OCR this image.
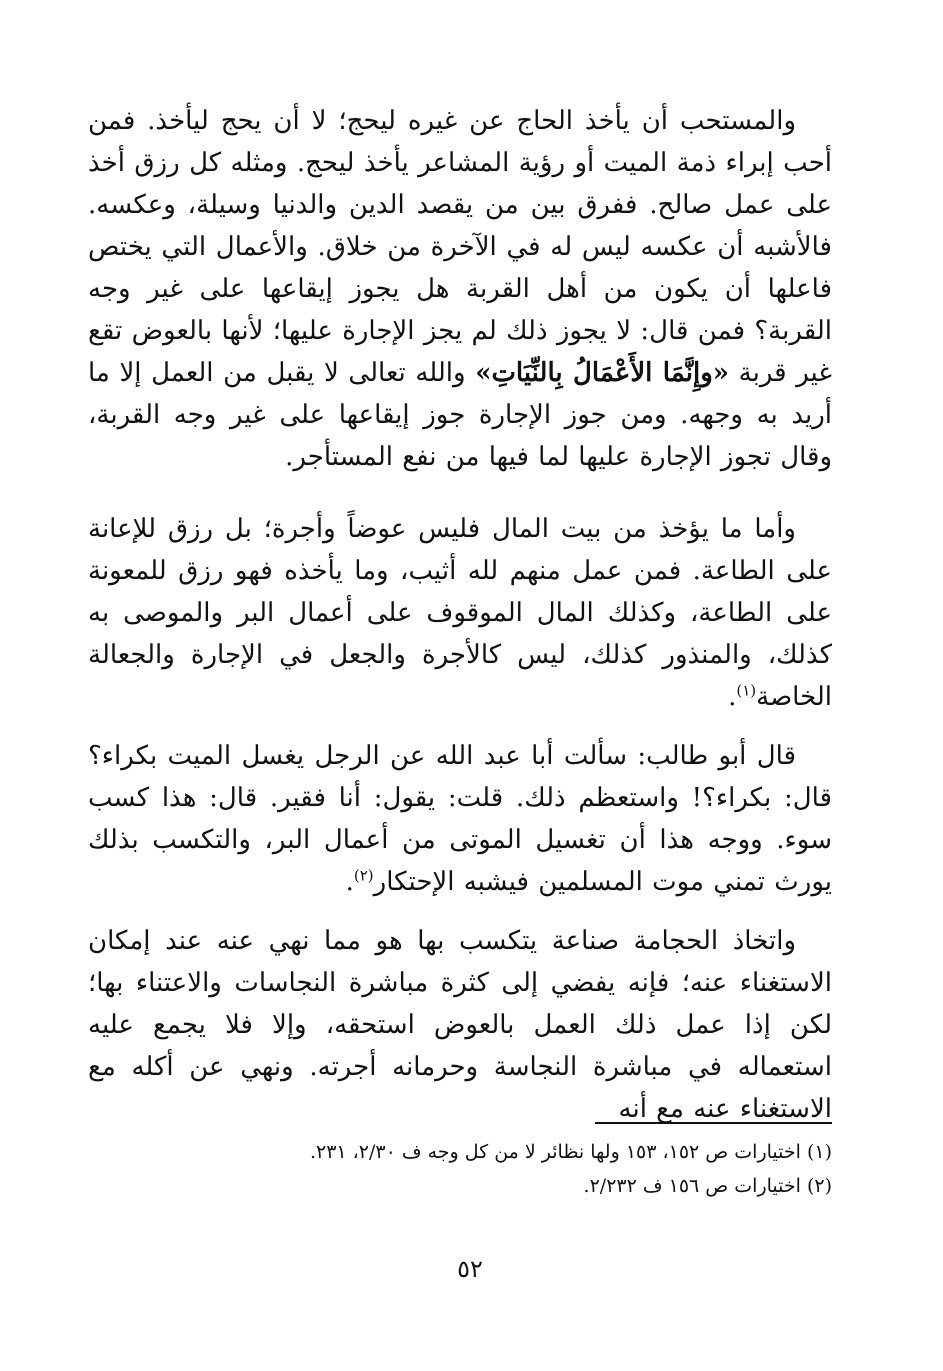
والمستحب أن يأخذ الحاج عن غيره ليحج؛ لا أن يحج ليأخذ. فمن أحب إبراء ذمة الميت أو رؤية المشاعر يأخذ ليحج. ومثله كل رزق أخذ على عمل صالح. ففرق بين من يقصد الدين والدنيا وسيلة، وعكسه. فالأشبه أن عكسه ليس له في الآخرة من خلاق. والأعمال التي يختص فاعلها أن يكون من أهل القربة هل يجوز إيقاعها على غير وجه القربة؟ فمن قال: لا يجوز ذلك لم يجز الإجارة عليها؛ لأنها بالعوض تقع غير قربة «وإِنَّمَا الأَعْمَالُ بِالنِّيَاتِ» والله تعالى لا يقبل من العمل إلا ما أريد به وجهه. ومن جوز الإجارة جوز إيقاعها على غير وجه القربة، وقال تجوز الإجارة عليها لما فيها من نفع المستأجر.

وأما ما يؤخذ من بيت المال فليس عوضاً وأجرة؛ بل رزق للإعانة على الطاعة. فمن عمل منهم لله أثيب، وما يأخذه فهو رزق للمعونة على الطاعة، وكذلك المال الموقوف على أعمال البر والموصى به كذلك، والمنذور كذلك، ليس كالأجرة والجعل في الإجارة والجعالة الخاصة$^{(١)}$.

قال أبو طالب: سألت أبا عبد الله عن الرجل يغسل الميت بكراء؟ قال: بكراء؟! واستعظم ذلك. قلت: يقول: أنا فقير. قال: هذا كسب سوء. ووجه هذا أن تغسيل الموتى من أعمال البر، والتكسب بذلك يورث تمني موت المسلمين فيشبه الإحتكار$^{(٢)}$.

واتخاذ الحجامة صناعة يتكسب بها هو مما نهي عنه عند إمكان الاستغناء عنه؛ فإنه يفضي إلى كثرة مباشرة النجاسات والاعتناء بها؛ لكن إذا عمل ذلك العمل بالعوض استحقه، وإلا فلا يجمع عليه استعماله في مباشرة النجاسة وحرمانه أجرته. ونهي عن أكله مع الاستغناء عنه مع أنه

(١) اختيارات ص ١٥٢، ١٥٣ ولها نظائر لا من كل وجه ف ٢/٣٠، ٢٣١.
(٢) اختيارات ص ١٥٦ ف ٢/٢٣٢.
٥٢
